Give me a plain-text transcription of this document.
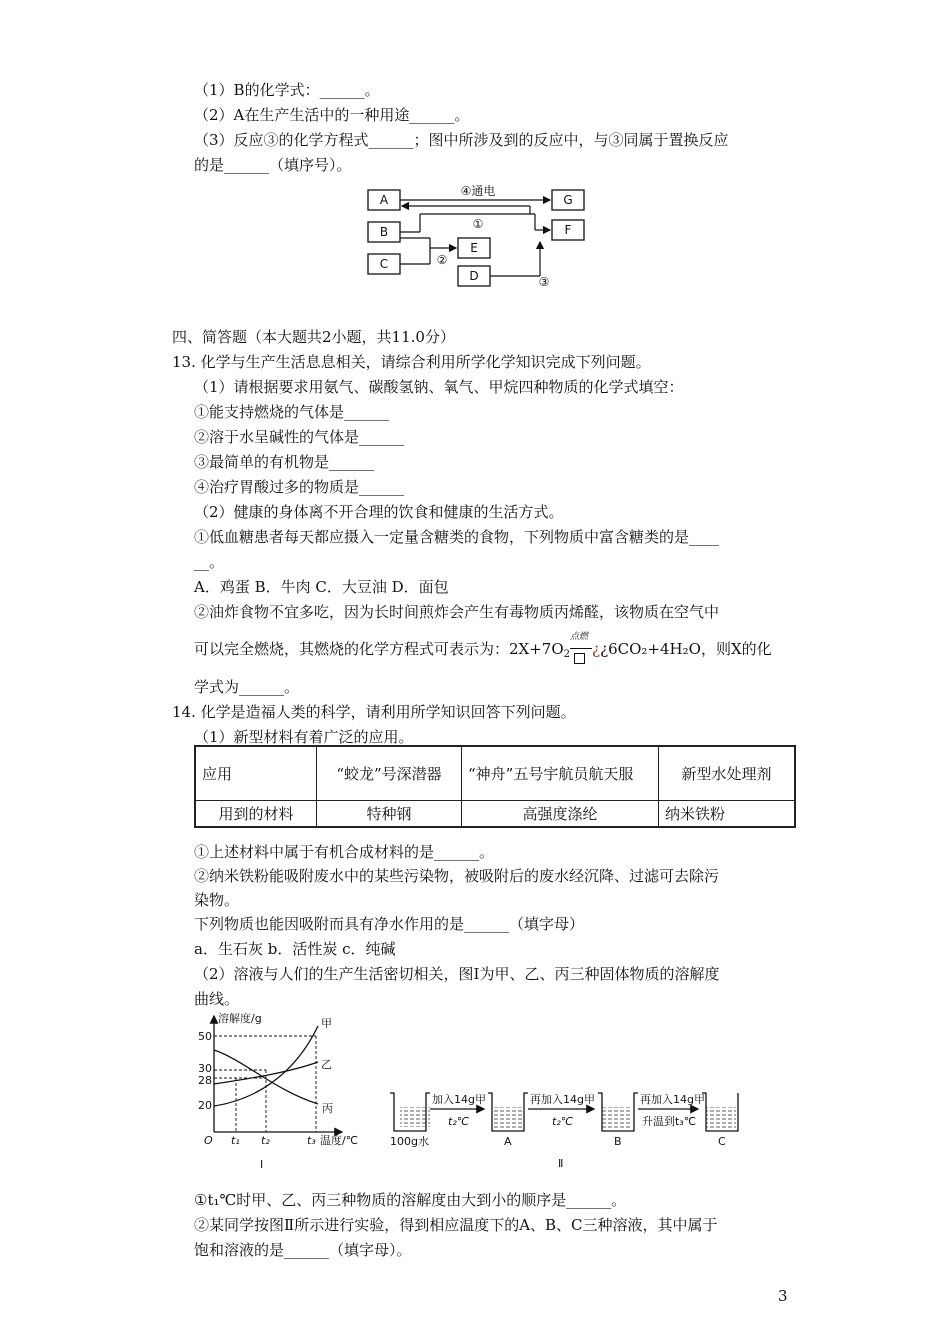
（1）B的化学式：______。
（2）A在生产生活中的一种用途______。
（3）反应③的化学方程式______；图中所涉及到的反应中，与③同属于置换反应
的是______（填序号）。
A
B
C
D
E
F
G
④通电
①
②
③
四、简答题（本大题共2小题，共11.0分）
13. 化学与生产生活息息相关，请综合利用所学化学知识完成下列问题。
（1）请根据要求用氨气、碳酸氢钠、氧气、甲烷四种物质的化学式填空：
①能支持燃烧的气体是______
②溶于水呈碱性的气体是______
③最简单的有机物是______
④治疗胃酸过多的物质是______
（2）健康的身体离不开合理的饮食和健康的生活方式。
①低血糖患者每天都应摄入一定量含糖类的食物，下列物质中富含糖类的是____
__。
A．鸡蛋 B．牛肉 C．大豆油 D．面包
②油炸食物不宜多吃，因为长时间煎炸会产生有毒物质丙烯醛，该物质在空气中
可以完全燃烧，其燃烧的化学方程式可表示为：$2X+7O_2$
点燃
¿¿6CO₂+4H₂O，则X的化
学式为______。
14. 化学是造福人类的科学，请利用所学知识回答下列问题。
（1）新型材料有着广泛的应用。
应用	“蛟龙”号深潜器	“神舟”五号宇航员航天服	新型水处理剂
用到的材料	特种钢	高强度涤纶	纳米铁粉
①上述材料中属于有机合成材料的是______。
②纳米铁粉能吸附废水中的某些污染物，被吸附后的废水经沉降、过滤可去除污
染物。
下列物质也能因吸附而具有净水作用的是______（填字母）
a．生石灰 b．活性炭 c．纯碱
（2）溶液与人们的生产生活密切相关，图Ⅰ为甲、乙、丙三种固体物质的溶解度
曲线。
溶解度/g
50
30
28
20
O t₁ t₂	t₃ 温度/℃
甲
乙
丙
Ⅰ
加入14g甲
t₂℃
再加入14g甲
t₂℃
再加入14g甲
升温到t₃℃
100g水	A	B	C
Ⅱ
①t₁℃时甲、乙、丙三种物质的溶解度由大到小的顺序是______。
②某同学按图Ⅱ所示进行实验，得到相应温度下的A、B、C三种溶液，其中属于
饱和溶液的是______（填字母）。
3
